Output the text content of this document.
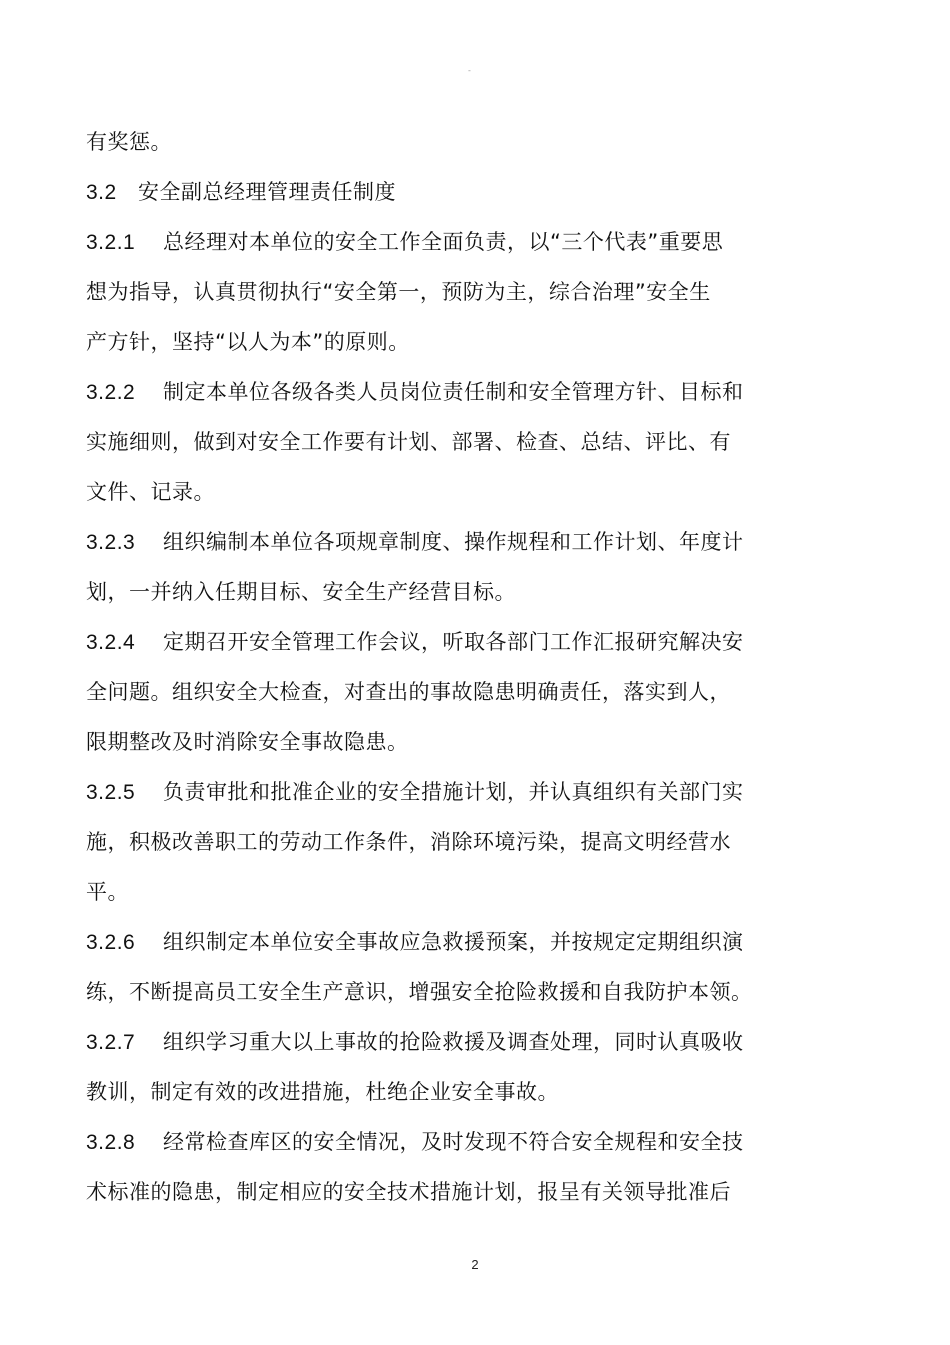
-
有奖惩。
3.2 安全副总经理管理责任制度
3.2.1 总经理对本单位的安全工作全面负责，以“三个代表”重要思
想为指导，认真贯彻执行“安全第一，预防为主，综合治理”安全生
产方针，坚持“以人为本”的原则。
3.2.2 制定本单位各级各类人员岗位责任制和安全管理方针、目标和
实施细则，做到对安全工作要有计划、部署、检查、总结、评比、有
文件、记录。
3.2.3 组织编制本单位各项规章制度、操作规程和工作计划、年度计
划，一并纳入任期目标、安全生产经营目标。
3.2.4 定期召开安全管理工作会议，听取各部门工作汇报研究解决安
全问题。组织安全大检查，对查出的事故隐患明确责任，落实到人，
限期整改及时消除安全事故隐患。
3.2.5 负责审批和批准企业的安全措施计划，并认真组织有关部门实
施，积极改善职工的劳动工作条件，消除环境污染，提高文明经营水
平。
3.2.6 组织制定本单位安全事故应急救援预案，并按规定定期组织演
练，不断提高员工安全生产意识，增强安全抢险救援和自我防护本领。
3.2.7 组织学习重大以上事故的抢险救援及调查处理，同时认真吸收
教训，制定有效的改进措施，杜绝企业安全事故。
3.2.8 经常检查库区的安全情况，及时发现不符合安全规程和安全技
术标准的隐患，制定相应的安全技术措施计划，报呈有关领导批准后
2
